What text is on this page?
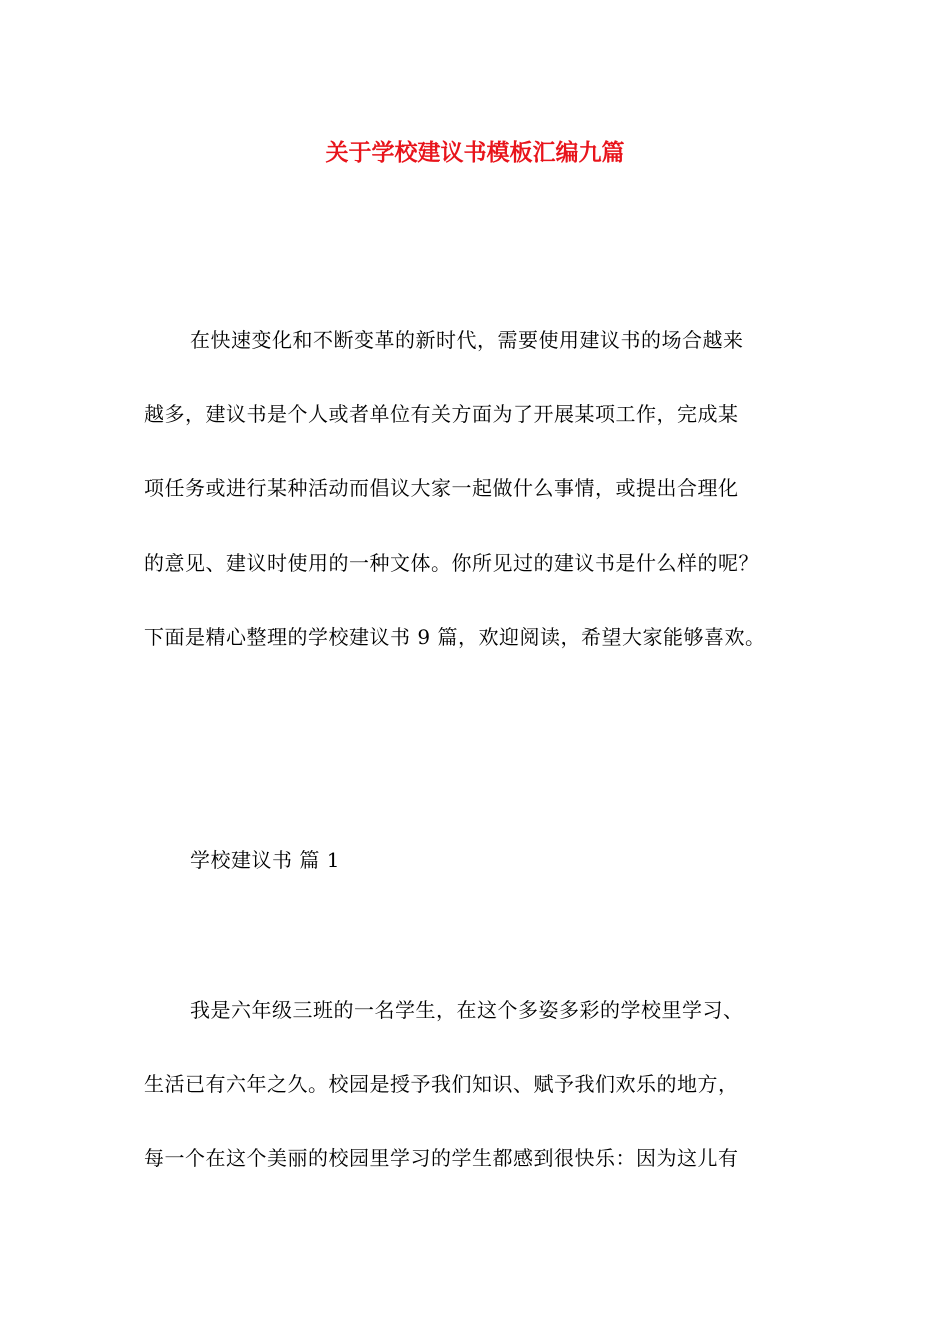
关于学校建议书模板汇编九篇
在快速变化和不断变革的新时代，需要使用建议书的场合越来
越多，建议书是个人或者单位有关方面为了开展某项工作，完成某
项任务或进行某种活动而倡议大家一起做什么事情，或提出合理化
的意见、建议时使用的一种文体。你所见过的建议书是什么样的呢？
下面是精心整理的学校建议书 9 篇，欢迎阅读，希望大家能够喜欢。
学校建议书 篇 1
我是六年级三班的一名学生，在这个多姿多彩的学校里学习、
生活已有六年之久。校园是授予我们知识、赋予我们欢乐的地方，
每一个在这个美丽的校园里学习的学生都感到很快乐：因为这儿有
